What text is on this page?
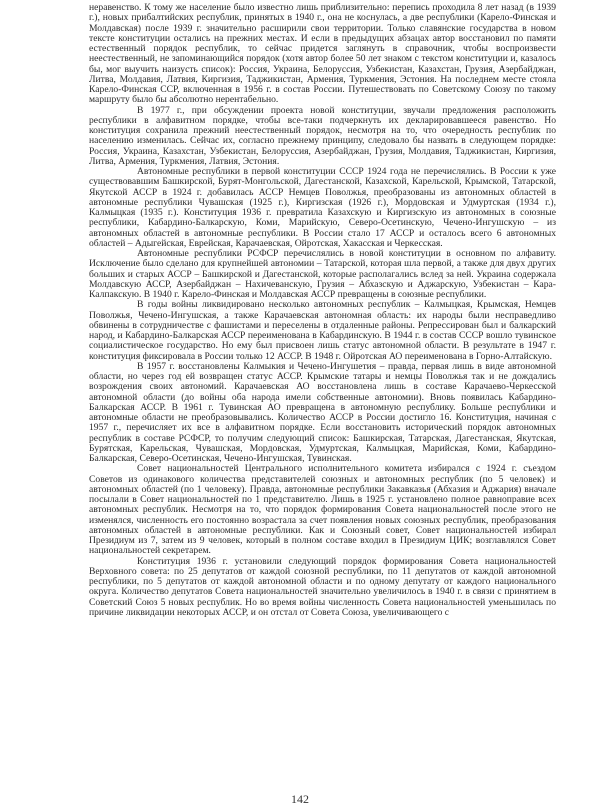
неравенство. К тому же население было известно лишь приблизительно: перепись проходила 8 лет назад (в 1939 г.), новых прибалтийских республик, принятых в 1940 г., она не коснулась, а две республики (Карело-Финская и Молдавская) после 1939 г. значительно расширили свои территории. Только славянские государства в новом тексте конституции остались на прежних местах. И если в предыдущих абзацах автор восстановил по памяти естественный порядок республик, то сейчас придется заглянуть в справочник, чтобы воспроизвести неестественный, не запоминающийся порядок (хотя автор более 50 лет знаком с текстом конституции и, казалось бы, мог выучить наизусть список): Россия, Украина, Белоруссия, Узбекистан, Казахстан, Грузия, Азербайджан, Литва, Молдавия, Латвия, Киргизия, Таджикистан, Армения, Туркмения, Эстония. На последнем месте стояла Карело-Финская ССР, включенная в 1956 г. в состав России. Путешествовать по Советскому Союзу по такому маршруту было бы абсолютно нерентабельно.

В 1977 г., при обсуждении проекта новой конституции, звучали предложения расположить республики в алфавитном порядке, чтобы все-таки подчеркнуть их декларировавшееся равенство. Но конституция сохранила прежний неестественный порядок, несмотря на то, что очередность республик по населению изменилась. Сейчас их, согласно прежнему принципу, следовало бы назвать в следующем порядке: Россия, Украина, Казахстан, Узбекистан, Белоруссия, Азербайджан, Грузия, Молдавия, Таджикистан, Киргизия, Литва, Армения, Туркмения, Латвия, Эстония.

Автономные республики в первой конституции СССР 1924 года не перечислялись. В России к уже существовавшим Башкирской, Бурят-Монгольской, Дагестанской, Казахской, Карельской, Крымской, Татарской, Якутской АССР в 1924 г. добавилась АССР Немцев Поволжья, преобразованы из автономных областей в автономные республики Чувашская (1925 г.), Киргизская (1926 г.), Мордовская и Удмуртская (1934 г.), Калмыцкая (1935 г.). Конституция 1936 г. превратила Казахскую и Киргизскую из автономных в союзные республики, Кабардино-Балкарскую, Коми, Марийскую, Северо-Осетинскую, Чечено-Ингушскую – из автономных областей в автономные республики. В России стало 17 АССР и осталось всего 6 автономных областей – Адыгейская, Еврейская, Карачаевская, Ойротская, Хакасская и Черкесская.

Автономные республики РСФСР перечислялись в новой конституции в основном по алфавиту. Исключение было сделано для крупнейшей автономии – Татарской, которая шла первой, а также для двух других больших и старых АССР – Башкирской и Дагестанской, которые располагались вслед за ней. Украина содержала Молдавскую АССР, Азербайджан – Нахичеванскую, Грузия – Абхазскую и Аджарскую, Узбекистан – Кара-Калпакскую. В 1940 г. Карело-Финская и Молдавская АССР превращены в союзные республики.

В годы войны ликвидировано несколько автономных республик – Калмыцкая, Крымская, Немцев Поволжья, Чечено-Ингушская, а также Карачаевская автономная область: их народы были несправедливо обвинены в сотрудничестве с фашистами и переселены в отдаленные районы. Репрессирован был и балкарский народ, и Кабардино-Балкарская АССР переименована в Кабардинскую. В 1944 г. в состав СССР вошло тувинское социалистическое государство. Но ему был присвоен лишь статус автономной области. В результате в 1947 г. конституция фиксировала в России только 12 АССР. В 1948 г. Ойротская АО переименована в Горно-Алтайскую.

В 1957 г. восстановлены Калмыкия и Чечено-Ингушетия – правда, первая лишь в виде автономной области, но через год ей возвращен статус АССР. Крымские татары и немцы Поволжья так и не дождались возрождения своих автономий. Карачаевская АО восстановлена лишь в составе Карачаево-Черкесской автономной области (до войны оба народа имели собственные автономии). Вновь появилась Кабардино-Балкарская АССР. В 1961 г. Тувинская АО превращена в автономную республику. Больше республики и автономные области не преобразовывались. Количество АССР в России достигло 16. Конституция, начиная с 1957 г., перечисляет их все в алфавитном порядке. Если восстановить исторический порядок автономных республик в составе РСФСР, то получим следующий список: Башкирская, Татарская, Дагестанская, Якутская, Бурятская, Карельская, Чувашская, Мордовская, Удмуртская, Калмыцкая, Марийская, Коми, Кабардино-Балкарская, Северо-Осетинская, Чечено-Ингушская, Тувинская.

Совет национальностей Центрального исполнительного комитета избирался с 1924 г. съездом Советов из одинакового количества представителей союзных и автономных республик (по 5 человек) и автономных областей (по 1 человеку). Правда, автономные республики Закавказья (Абхазия и Аджария) вначале посылали в Совет национальностей по 1 представителю. Лишь в 1925 г. установлено полное равноправие всех автономных республик. Несмотря на то, что порядок формирования Совета национальностей после этого не изменялся, численность его постоянно возрастала за счет появления новых союзных республик, преобразования автономных областей в автономные республики. Как и Союзный совет, Совет национальностей избирал Президиум из 7, затем из 9 человек, который в полном составе входил в Президиум ЦИК; возглавлялся Совет национальностей секретарем.

Конституция 1936 г. установили следующий порядок формирования Совета национальностей Верховного совета: по 25 депутатов от каждой союзной республики, по 11 депутатов от каждой автономной республики, по 5 депутатов от каждой автономной области и по одному депутату от каждого национального округа. Количество депутатов Совета национальностей значительно увеличилось в 1940 г. в связи с принятием в Советский Союз 5 новых республик. Но во время войны численность Совета национальностей уменьшилась по причине ликвидации некоторых АССР, и он отстал от Совета Союза, увеличивающего с

142
